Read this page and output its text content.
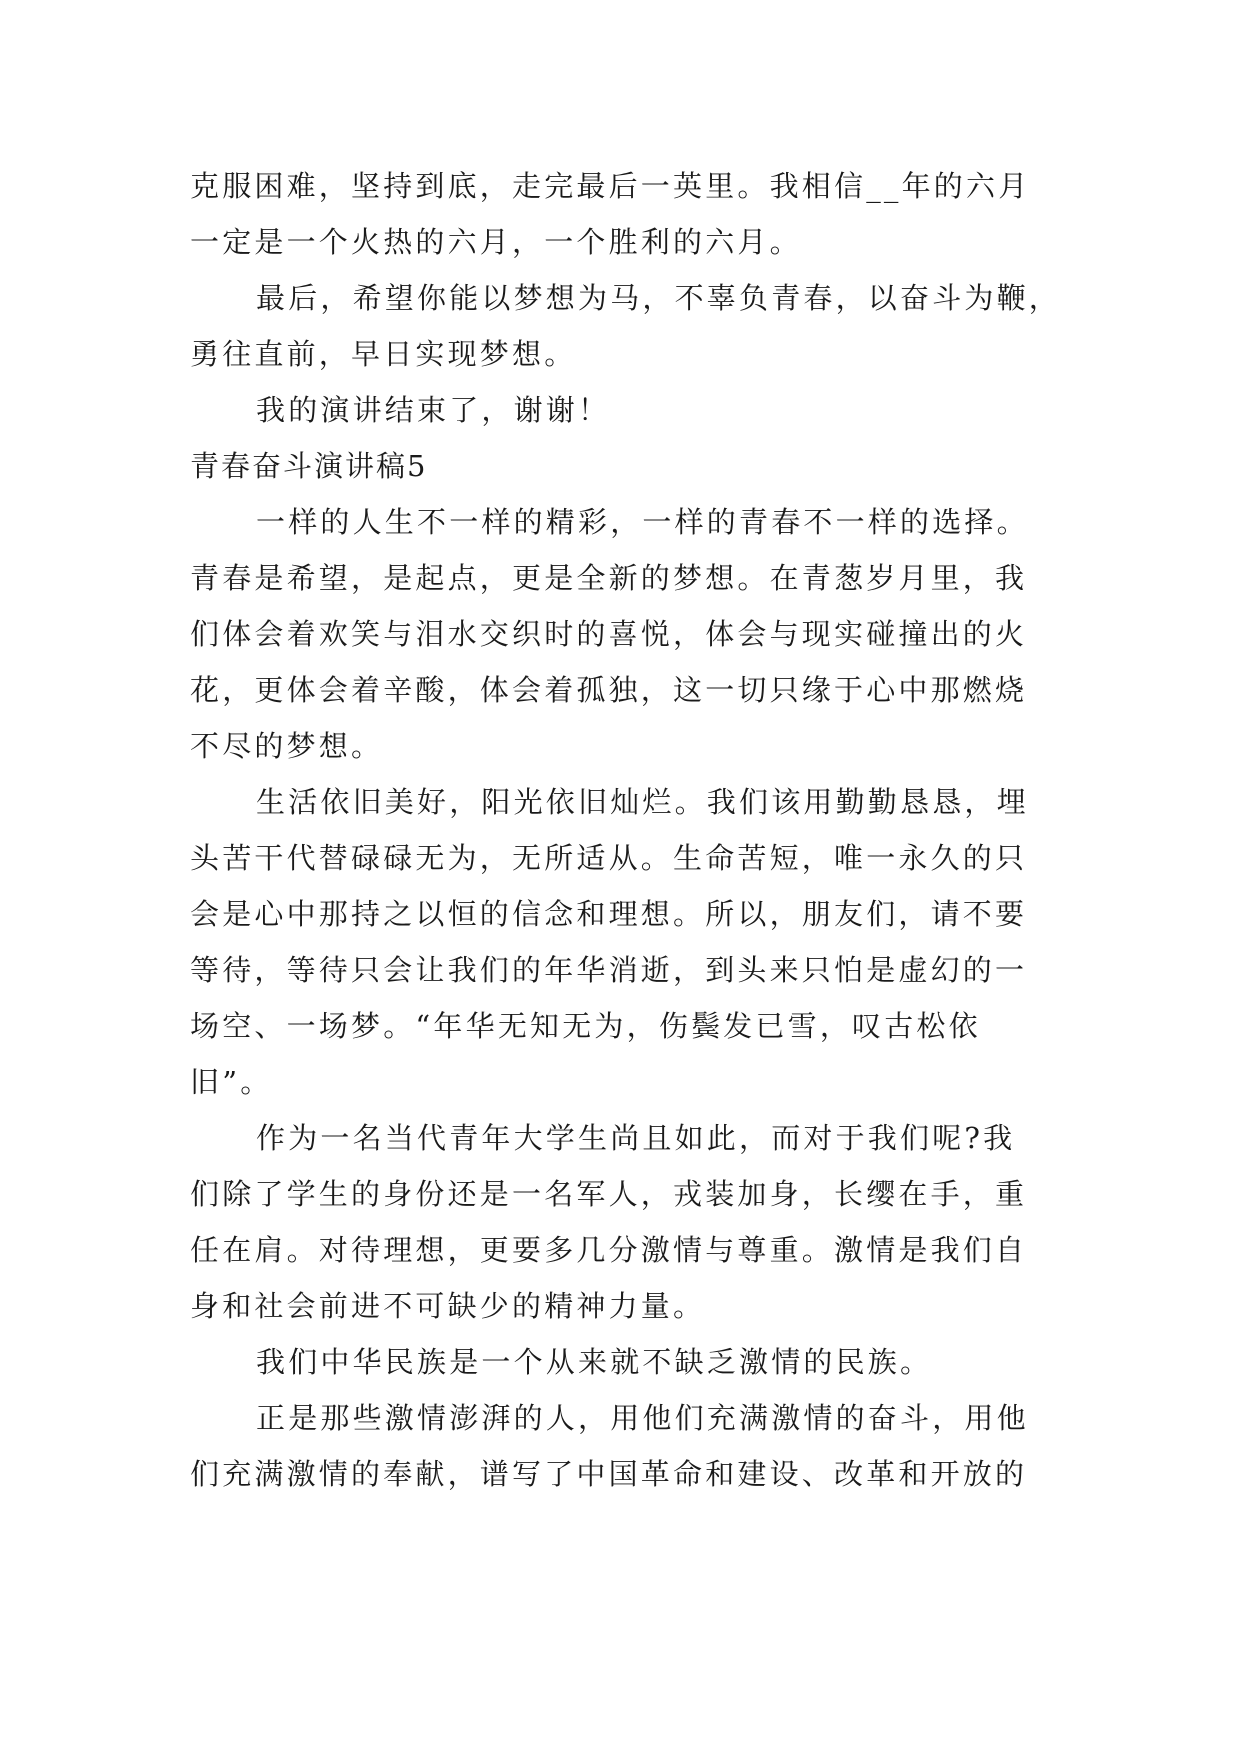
克服困难，坚持到底，走完最后一英里。我相信__年的六月
一定是一个火热的六月，一个胜利的六月。

最后，希望你能以梦想为马，不辜负青春，以奋斗为鞭，
勇往直前，早日实现梦想。

我的演讲结束了，谢谢！

青春奋斗演讲稿5

一样的人生不一样的精彩，一样的青春不一样的选择。
青春是希望，是起点，更是全新的梦想。在青葱岁月里，我
们体会着欢笑与泪水交织时的喜悦，体会与现实碰撞出的火
花，更体会着辛酸，体会着孤独，这一切只缘于心中那燃烧
不尽的梦想。

生活依旧美好，阳光依旧灿烂。我们该用勤勤恳恳，埋
头苦干代替碌碌无为，无所适从。生命苦短，唯一永久的只
会是心中那持之以恒的信念和理想。所以，朋友们，请不要
等待，等待只会让我们的年华消逝，到头来只怕是虚幻的一
场空、一场梦。“年华无知无为，伤鬓发已雪，叹古松依
旧”。

作为一名当代青年大学生尚且如此，而对于我们呢?我
们除了学生的身份还是一名军人，戎装加身，长缨在手，重
任在肩。对待理想，更要多几分激情与尊重。激情是我们自
身和社会前进不可缺少的精神力量。

我们中华民族是一个从来就不缺乏激情的民族。

正是那些激情澎湃的人，用他们充满激情的奋斗，用他
们充满激情的奉献，谱写了中国革命和建设、改革和开放的
